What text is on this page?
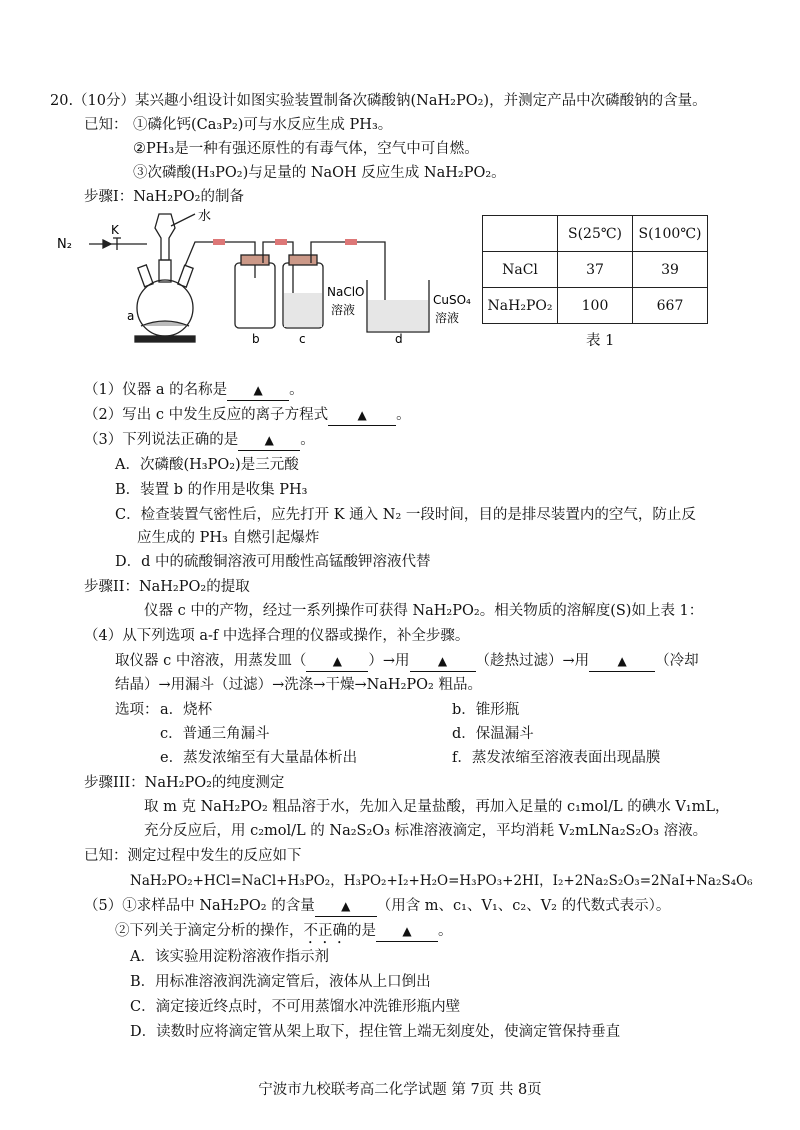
20.（10分）某兴趣小组设计如图实验装置制备次磷酸钠(NaH₂PO₂)，并测定产品中次磷酸钠的含量。
已知： ①磷化钙(Ca₃P₂)可与水反应生成 PH₃。
②PH₃是一种有强还原性的有毒气体，空气中可自燃。
③次磷酸(H₃PO₂)与足量的 NaOH 反应生成 NaH₂PO₂。
步骤I：NaH₂PO₂的制备
N₂
K
水
a
b	c	d
NaClO
溶液
CuSO₄
溶液
	S(25℃)	S(100℃)
NaCl	37	39
NaH₂PO₂	100	667
表 1
（1）仪器 a 的名称是 ▲ 。
（2）写出 c 中发生反应的离子方程式 ▲ 。
（3）下列说法正确的是 ▲ 。
A．次磷酸(H₃PO₂)是三元酸
B．装置 b 的作用是收集 PH₃
C．检查装置气密性后，应先打开 K 通入 N₂ 一段时间，目的是排尽装置内的空气，防止反
应生成的 PH₃ 自燃引起爆炸
D．d 中的硫酸铜溶液可用酸性高锰酸钾溶液代替
步骤II：NaH₂PO₂的提取
仪器 c 中的产物，经过一系列操作可获得 NaH₂PO₂。相关物质的溶解度(S)如上表 1：
（4）从下列选项 a-f 中选择合理的仪器或操作，补全步骤。
取仪器 c 中溶液，用蒸发皿（ ▲ ）→用 ▲ （趁热过滤）→用 ▲ （冷却
结晶）→用漏斗（过滤）→洗涤→干燥→NaH₂PO₂ 粗品。
选项： a．烧杯	b．锥形瓶
c．普通三角漏斗	d．保温漏斗
e．蒸发浓缩至有大量晶体析出	f．蒸发浓缩至溶液表面出现晶膜
步骤III：NaH₂PO₂的纯度测定
取 m 克 NaH₂PO₂ 粗品溶于水，先加入足量盐酸，再加入足量的 c₁mol/L 的碘水 V₁mL，
充分反应后，用 c₂mol/L 的 Na₂S₂O₃ 标准溶液滴定，平均消耗 V₂mLNa₂S₂O₃ 溶液。
已知：测定过程中发生的反应如下
NaH₂PO₂+HCl=NaCl+H₃PO₂，H₃PO₂+I₂+H₂O=H₃PO₃+2HI，I₂+2Na₂S₂O₃=2NaI+Na₂S₄O₆
（5）①求样品中 NaH₂PO₂ 的含量 ▲ （用含 m、c₁、V₁、c₂、V₂ 的代数式表示）。
②下列关于滴定分析的操作，不正确的是 ▲ 。
A．该实验用淀粉溶液作指示剂
B．用标准溶液润洗滴定管后，液体从上口倒出
C．滴定接近终点时，不可用蒸馏水冲洗锥形瓶内壁
D．读数时应将滴定管从架上取下，捏住管上端无刻度处，使滴定管保持垂直
宁波市九校联考高二化学试题 第 7页 共 8页
